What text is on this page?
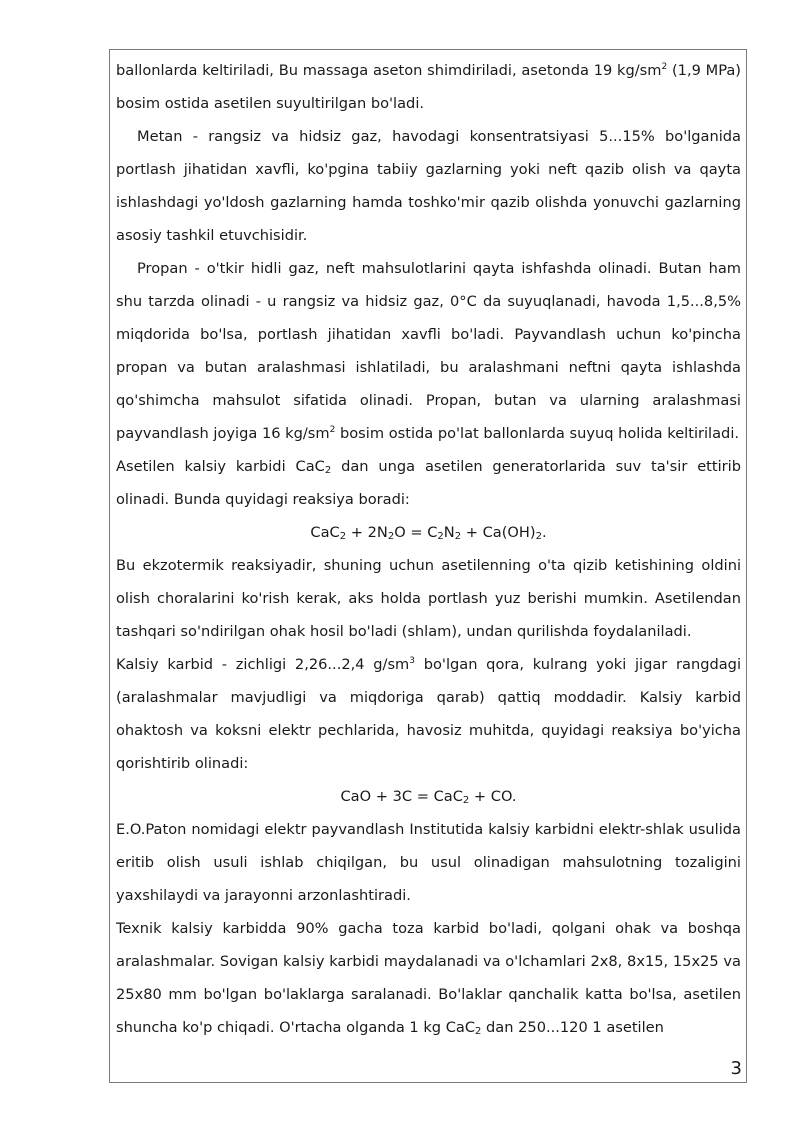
ballonlarda keltiriladi, Bu massaga aseton shimdiriladi, asetonda 19 $kg/sm^2$ (1,9 MPa) bosim ostida asetilen suyultirilgan bo'ladi.

Metan - rangsiz va hidsiz gaz, havodagi konsentratsiyasi 5...15% bo'lganida portlash jihatidan xavfli, ko'pgina tabiiy gazlarning yoki neft qazib olish va qayta ishlashdagi yo'ldosh gazlarning hamda toshko'mir qazib olishda yonuvchi gazlarning asosiy tashkil etuvchisidir.

Propan - o'tkir hidli gaz, neft mahsulotlarini qayta ishfashda olinadi. Butan ham shu tarzda olinadi - u rangsiz va hidsiz gaz, 0°C da suyuqlanadi, havoda 1,5...8,5% miqdorida bo'lsa, portlash jihatidan xavfli bo'ladi. Payvandlash uchun ko'pincha propan va butan aralashmasi ishlatiladi, bu aralashmani neftni qayta ishlashda qo'shimcha mahsulot sifatida olinadi. Propan, butan va ularning aralashmasi payvandlash joyiga 16 $kg/sm^2$ bosim ostida po'lat ballonlarda suyuq holida keltiriladi.

Asetilen kalsiy karbidi CaC$_2$ dan unga asetilen generatorlarida suv ta'sir ettirib olinadi. Bunda quyidagi reaksiya boradi:

$CaC_2 + 2N_2O = C_2N_2 + Ca(OH)_2$.

Bu ekzotermik reaksiyadir, shuning uchun asetilenning o'ta qizib ketishining oldini olish choralarini ko'rish kerak, aks holda portlash yuz berishi mumkin. Asetilendan tashqari so'ndirilgan ohak hosil bo'ladi (shlam), undan qurilishda foydalaniladi.

Kalsiy karbid - zichligi 2,26...2,4 $g/sm^3$ bo'lgan qora, kulrang yoki jigar rangdagi (aralashmalar mavjudligi va miqdoriga qarab) qattiq moddadir. Kalsiy karbid ohaktosh va koksni elektr pechlarida, havosiz muhitda, quyidagi reaksiya bo'yicha qorishtirib olinadi:

CaO + 3C = CaC$_2$ + CO.

E.O.Paton nomidagi elektr payvandlash Institutida kalsiy karbidni elektr-shlak usulida eritib olish usuli ishlab chiqilgan, bu usul olinadigan mahsulotning tozaligini yaxshilaydi va jarayonni arzonlashtiradi.

Texnik kalsiy karbidda 90% gacha toza karbid bo'ladi, qolgani ohak va boshqa aralashmalar. Sovigan kalsiy karbidi maydalanadi va o'lchamlari 2x8, 8x15, 15x25 va 25x80 mm bo'lgan bo'laklarga saralanadi. Bo'laklar qanchalik katta bo'lsa, asetilen shuncha ko'p chiqadi. O'rtacha olganda 1 kg CaC$_2$ dan 250...120 1 asetilen

3
